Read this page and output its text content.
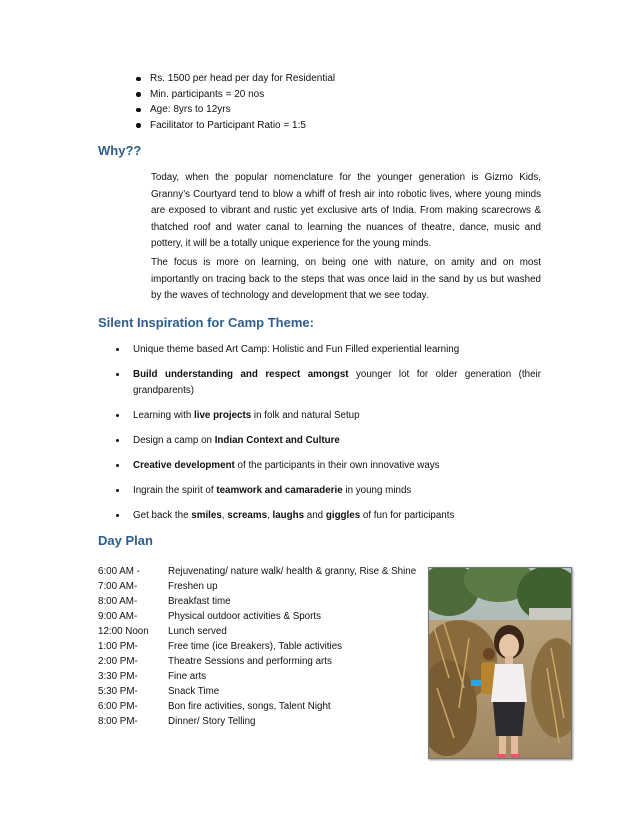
Rs. 1500 per head per day for Residential
Min. participants = 20 nos
Age: 8yrs to 12yrs
Facilitator to Participant Ratio = 1:5
Why??

Today, when the popular nomenclature for the younger generation is Gizmo Kids, Granny’s Courtyard tend to blow a whiff of fresh air into robotic lives, where young minds are exposed to vibrant and rustic yet exclusive arts of India. From making scarecrows & thatched roof and water canal to learning the nuances of theatre, dance, music and pottery, it will be a totally unique experience for the young minds.

The focus is more on learning, on being one with nature, on amity and on most importantly on tracing back to the steps that was once laid in the sand by us but washed by the waves of technology and development that we see today.

Silent Inspiration for Camp Theme:
Unique theme based Art Camp: Holistic and Fun Filled experiential learning
Build understanding and respect amongst younger lot for older generation (their grandparents)
Learning with live projects in folk and natural Setup
Design a camp on Indian Context and Culture
Creative development of the participants in their own innovative ways
Ingrain the spirit of teamwork and camaraderie in young minds
Get back the smiles, screams, laughs and giggles of fun for participants
Day Plan
6:00 AM -	Rejuvenating/ nature walk/ health & granny, Rise & Shine
7:00 AM-	Freshen up
8:00 AM-	Breakfast time
9:00 AM-	Physical outdoor activities & Sports
12:00 Noon	Lunch served
1:00 PM-	Free time (ice Breakers), Table activities
2:00 PM-	Theatre Sessions and performing arts
3:30 PM-	Fine arts
5:30 PM-	Snack Time
6:00 PM-	Bon fire activities, songs, Talent Night
8:00 PM-	Dinner/ Story Telling
